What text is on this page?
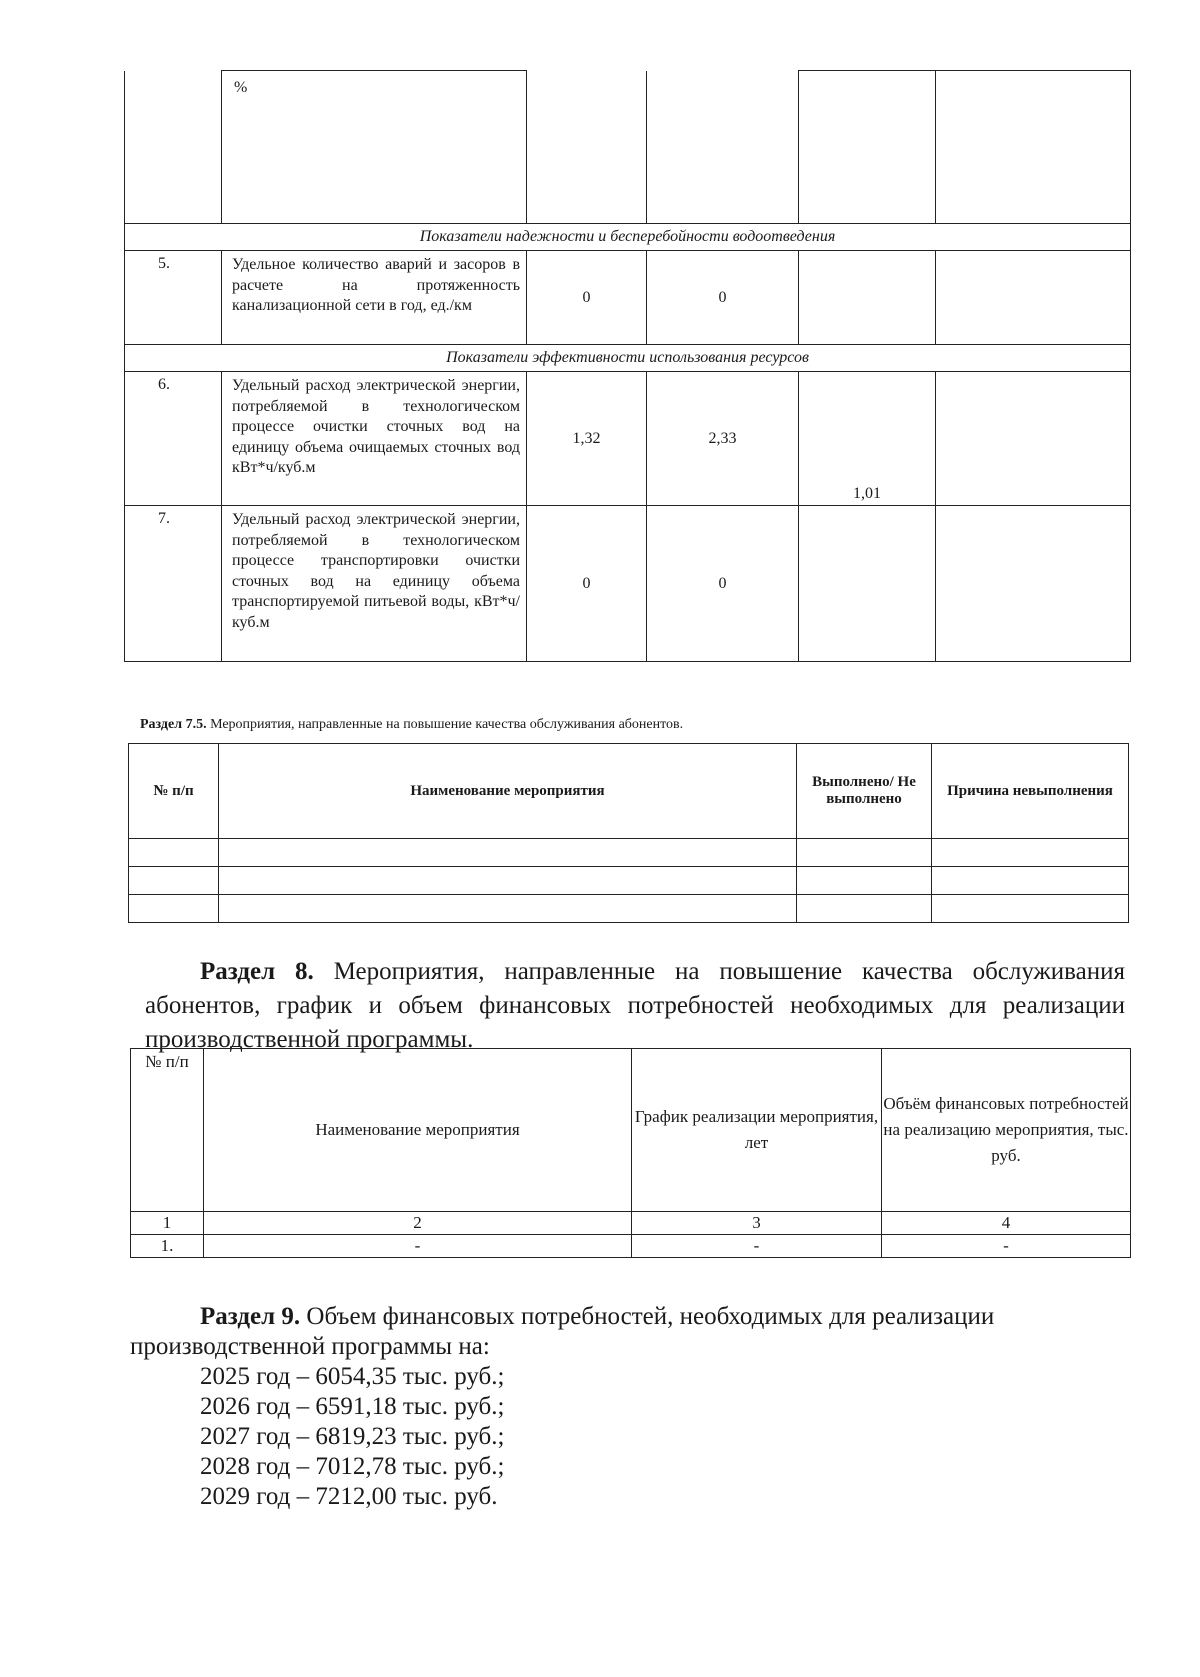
	%				
Показатели надежности и бесперебойности водоотведения					
5.	Удельное количество аварий и засоров в расчете на протяженность канализационной сети в год, ед./км	0	0		
Показатели эффективности использования ресурсов					
6.	Удельный расход электрической энергии, потребляемой в технологическом процессе очистки сточных вод на единицу объема очищаемых сточных вод кВт*ч/куб.м	1,32	2,33	1,01	
7.	Удельный расход электрической энергии, потребляемой в технологическом процессе транспортировки очистки сточных вод на единицу объема транспортируемой питьевой воды, кВт*ч/куб.м	0	0		
Раздел 7.5. Мероприятия, направленные на повышение качества обслуживания абонентов.
№ п/п	Наименование мероприятия	Выполнено/ Не выполнено	Причина невыполнения

Раздел 8. Мероприятия, направленные на повышение качества обслуживания абонентов, график и объем финансовых потребностей необходимых для реализации производственной программы.
№ п/п	Наименование мероприятия	График реализации мероприятия, лет	Объём финансовых потребностей на реализацию мероприятия, тыс. руб.
1	2	3	4
1.	-	-	-
Раздел 9. Объем финансовых потребностей, необходимых для реализации производственной программы на:
2025 год – 6054,35 тыс. руб.;
2026 год – 6591,18 тыс. руб.;
2027 год – 6819,23 тыс. руб.;
2028 год – 7012,78 тыс. руб.;
2029 год – 7212,00 тыс. руб.
